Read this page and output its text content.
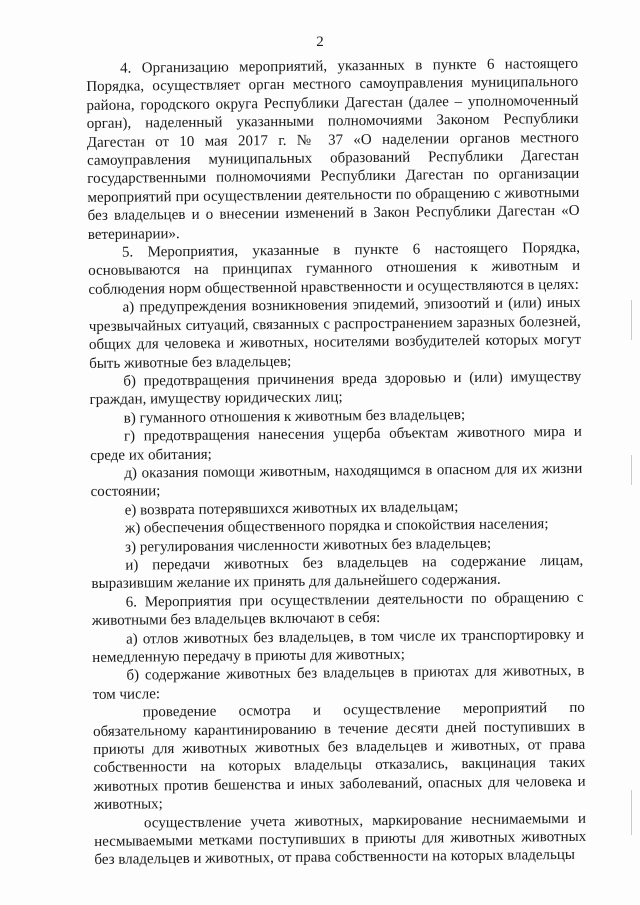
2

4. Организацию мероприятий, указанных в пункте 6 настоящего Порядка, осуществляет орган местного самоуправления муниципального района, городского округа Республики Дагестан (далее – уполномоченный орган), наделенный указанными полномочиями Законом Республики Дагестан от 10 мая 2017 г. № 37 «О наделении органов местного самоуправления муниципальных образований Республики Дагестан государственными полномочиями Республики Дагестан по организации мероприятий при осуществлении деятельности по обращению с животными без владельцев и о внесении изменений в Закон Республики Дагестан «О ветеринарии».

5. Мероприятия, указанные в пункте 6 настоящего Порядка, основываются на принципах гуманного отношения к животным и соблюдения норм общественной нравственности и осуществляются в целях:

а) предупреждения возникновения эпидемий, эпизоотий и (или) иных чрезвычайных ситуаций, связанных с распространением заразных болезней, общих для человека и животных, носителями возбудителей которых могут быть животные без владельцев;

б) предотвращения причинения вреда здоровью и (или) имуществу граждан, имуществу юридических лиц;

в) гуманного отношения к животным без владельцев;

г) предотвращения нанесения ущерба объектам животного мира и среде их обитания;

д) оказания помощи животным, находящимся в опасном для их жизни состоянии;

е) возврата потерявшихся животных их владельцам;

ж) обеспечения общественного порядка и спокойствия населения;

з) регулирования численности животных без владельцев;

и) передачи животных без владельцев на содержание лицам, выразившим желание их принять для дальнейшего содержания.

6. Мероприятия при осуществлении деятельности по обращению с животными без владельцев включают в себя:

а) отлов животных без владельцев, в том числе их транспортировку и немедленную передачу в приюты для животных;

б) содержание животных без владельцев в приютах для животных, в том числе:

проведение осмотра и осуществление мероприятий по обязательному карантинированию в течение десяти дней поступивших в приюты для животных животных без владельцев и животных, от права собственности на которых владельцы отказались, вакцинация таких животных против бешенства и иных заболеваний, опасных для человека и животных;

осуществление учета животных, маркирование неснимаемыми и несмываемыми метками поступивших в приюты для животных животных без владельцев и животных, от права собственности на которых владельцы
